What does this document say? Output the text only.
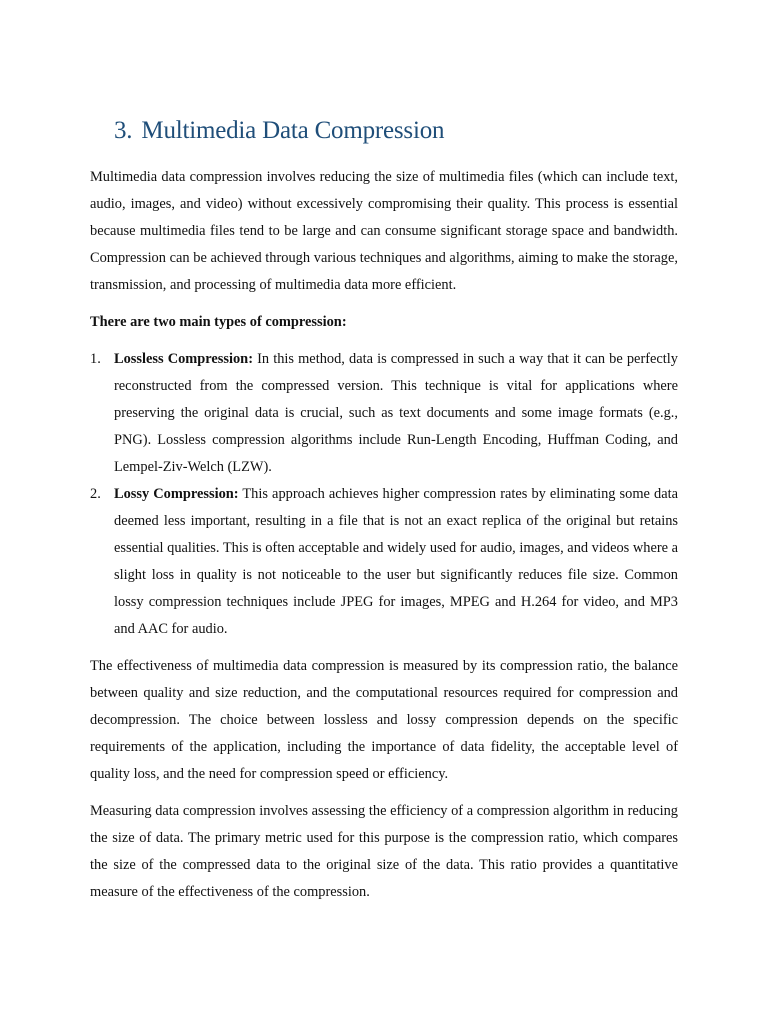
3. Multimedia Data Compression

Multimedia data compression involves reducing the size of multimedia files (which can include text, audio, images, and video) without excessively compromising their quality. This process is essential because multimedia files tend to be large and can consume significant storage space and bandwidth. Compression can be achieved through various techniques and algorithms, aiming to make the storage, transmission, and processing of multimedia data more efficient.

There are two main types of compression:

1. Lossless Compression: In this method, data is compressed in such a way that it can be perfectly reconstructed from the compressed version. This technique is vital for applications where preserving the original data is crucial, such as text documents and some image formats (e.g., PNG). Lossless compression algorithms include Run-Length Encoding, Huffman Coding, and Lempel-Ziv-Welch (LZW).
2. Lossy Compression: This approach achieves higher compression rates by eliminating some data deemed less important, resulting in a file that is not an exact replica of the original but retains essential qualities. This is often acceptable and widely used for audio, images, and videos where a slight loss in quality is not noticeable to the user but significantly reduces file size. Common lossy compression techniques include JPEG for images, MPEG and H.264 for video, and MP3 and AAC for audio.

The effectiveness of multimedia data compression is measured by its compression ratio, the balance between quality and size reduction, and the computational resources required for compression and decompression. The choice between lossless and lossy compression depends on the specific requirements of the application, including the importance of data fidelity, the acceptable level of quality loss, and the need for compression speed or efficiency.

Measuring data compression involves assessing the efficiency of a compression algorithm in reducing the size of data. The primary metric used for this purpose is the compression ratio, which compares the size of the compressed data to the original size of the data. This ratio provides a quantitative measure of the effectiveness of the compression.
